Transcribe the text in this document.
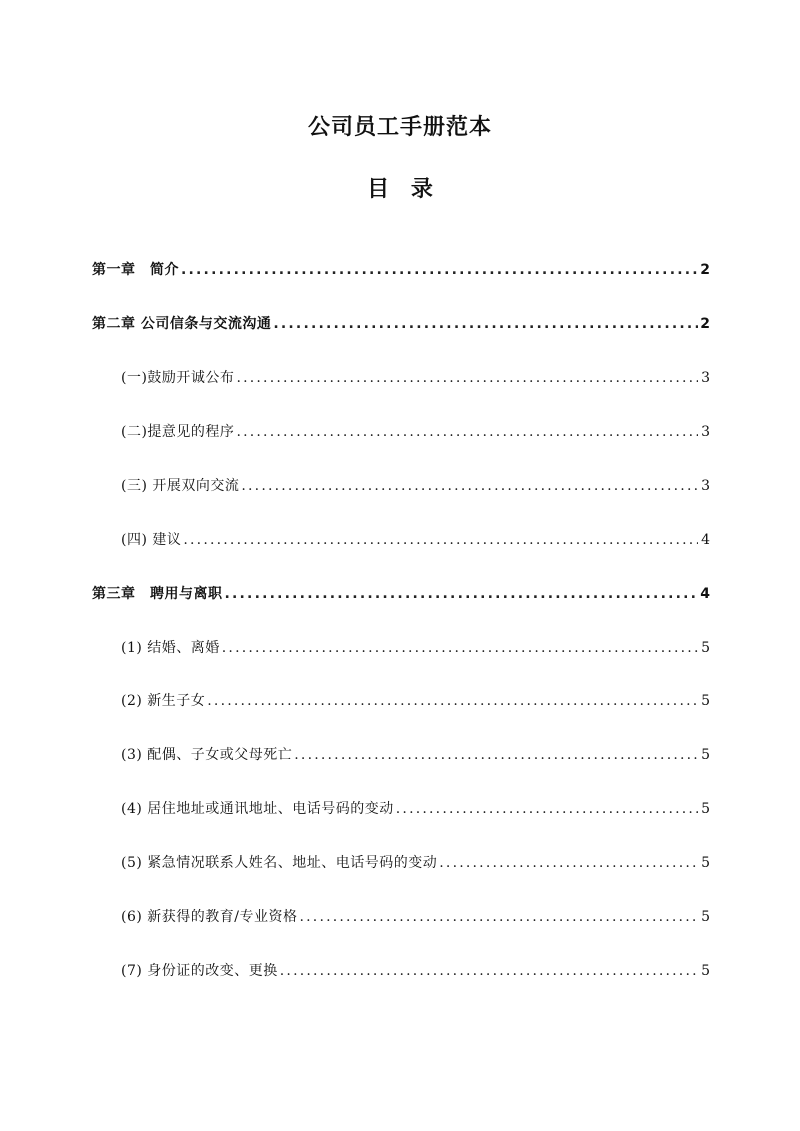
公司员工手册范本
目 录
第一章　简介 .....	2
第二章 公司信条与交流沟通 .....	2
(一)鼓励开诚公布 .....	3
(二)提意见的程序 .....	3
(三) 开展双向交流 .....	3
(四) 建议 .....	4
第三章　聘用与离职 .....	4
(1) 结婚、离婚 .....	5
(2) 新生子女 .....	5
(3) 配偶、子女或父母死亡 .....	5
(4) 居住地址或通讯地址、电话号码的变动 .....	5
(5) 紧急情况联系人姓名、地址、电话号码的变动 .....	5
(6) 新获得的教育/专业资格 .....	5
(7) 身份证的改变、更换 .....	5
